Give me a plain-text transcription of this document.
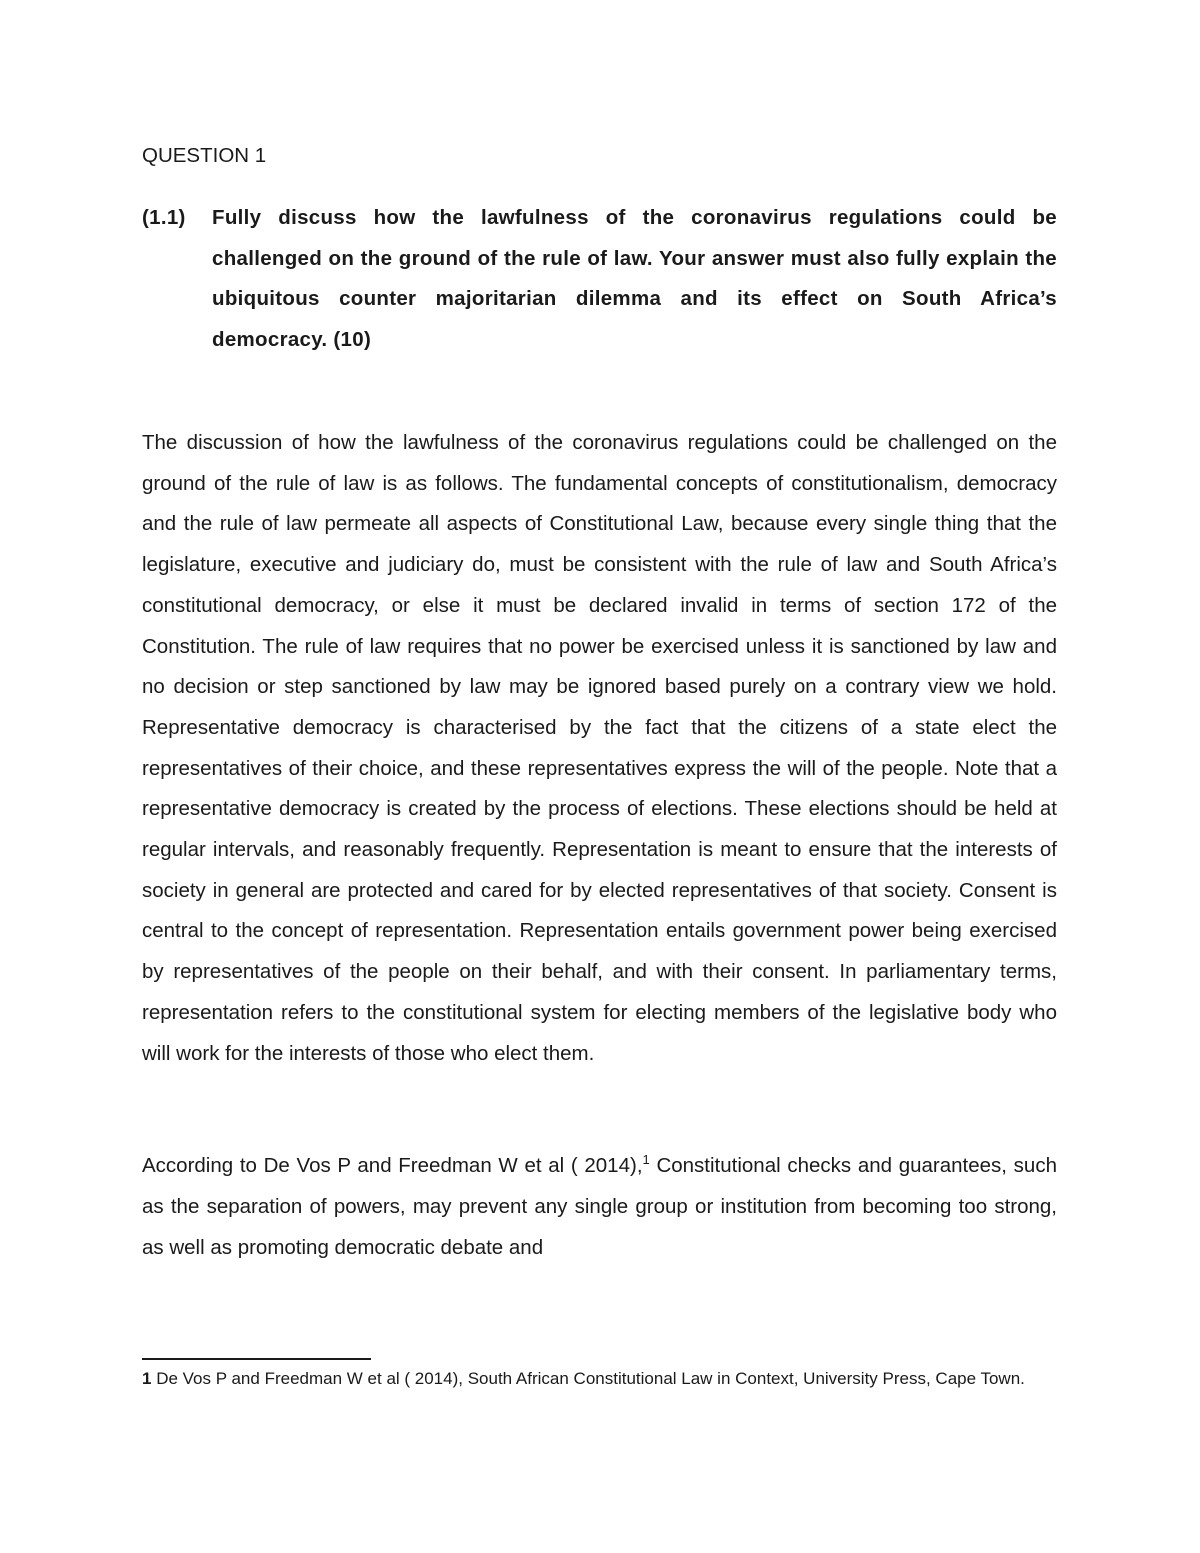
QUESTION 1

(1.1)	Fully discuss how the lawfulness of the coronavirus regulations could be challenged on the ground of the rule of law. Your answer must also fully explain the ubiquitous counter majoritarian dilemma and its effect on South Africa’s democracy. (10)

The discussion of how the lawfulness of the coronavirus regulations could be challenged on the ground of the rule of law is as follows. The fundamental concepts of constitutionalism, democracy and the rule of law permeate all aspects of Constitutional Law, because every single thing that the legislature, executive and judiciary do, must be consistent with the rule of law and South Africa’s constitutional democracy, or else it must be declared invalid in terms of section 172 of the Constitution. The rule of law requires that no power be exercised unless it is sanctioned by law and no decision or step sanctioned by law may be ignored based purely on a contrary view we hold. Representative democracy is characterised by the fact that the citizens of a state elect the representatives of their choice, and these representatives express the will of the people. Note that a representative democracy is created by the process of elections. These elections should be held at regular intervals, and reasonably frequently. Representation is meant to ensure that the interests of society in general are protected and cared for by elected representatives of that society. Consent is central to the concept of representation. Representation entails government power being exercised by representatives of the people on their behalf, and with their consent. In parliamentary terms, representation refers to the constitutional system for electing members of the legislative body who will work for the interests of those who elect them.

According to De Vos P and Freedman W et al ( 2014),$^1$ Constitutional checks and guarantees, such as the separation of powers, may prevent any single group or institution from becoming too strong, as well as promoting democratic debate and

1 De Vos P and Freedman W et al ( 2014), South African Constitutional Law in Context, University Press, Cape Town.
